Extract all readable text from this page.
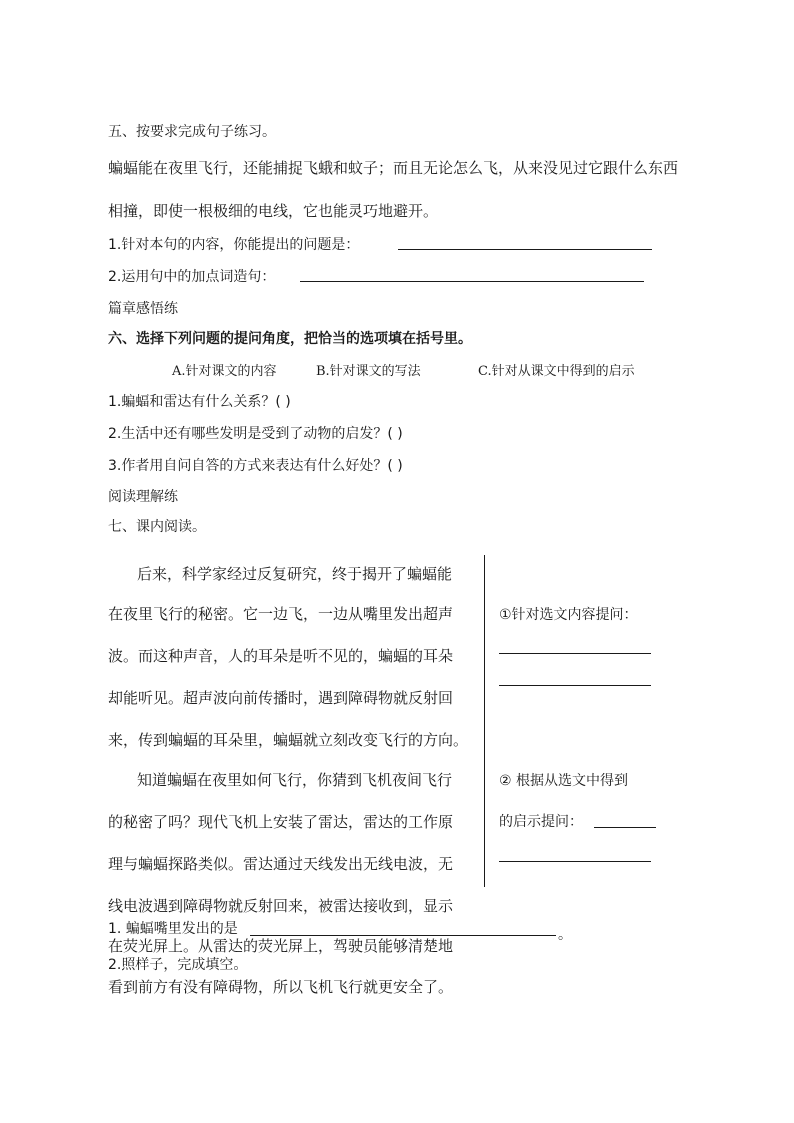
五、按要求完成句子练习。
蝙蝠能在夜里飞行，还能捕捉飞蛾和蚊子；而且无论怎么飞，从来没见过它跟什么东西
相撞，即使一根极细的电线，它也能灵巧地避开。
1.针对本句的内容，你能提出的问题是：
2.运用句中的加点词造句：
篇章感悟练
六、选择下列问题的提问角度，把恰当的选项填在括号里。
A.针对课文的内容	B.针对课文的写法	C.针对从课文中得到的启示
1.蝙蝠和雷达有什么关系？( )
2.生活中还有哪些发明是受到了动物的启发？( )
3.作者用自问自答的方式来表达有什么好处？( )
阅读理解练
七、课内阅读。
后来，科学家经过反复研究，终于揭开了蝙蝠能
在夜里飞行的秘密。它一边飞，一边从嘴里发出超声
波。而这种声音，人的耳朵是听不见的，蝙蝠的耳朵
却能听见。超声波向前传播时，遇到障碍物就反射回
来，传到蝙蝠的耳朵里，蝙蝠就立刻改变飞行的方向。
知道蝙蝠在夜里如何飞行，你猜到飞机夜间飞行
的秘密了吗？现代飞机上安装了雷达，雷达的工作原
理与蝙蝠探路类似。雷达通过天线发出无线电波，无
线电波遇到障碍物就反射回来，被雷达接收到，显示
在荧光屏上。从雷达的荧光屏上，驾驶员能够清楚地
看到前方有没有障碍物，所以飞机飞行就更安全了。
①针对选文内容提问：
② 根据从选文中得到
的启示提问：
1. 蝙蝠嘴里发出的是	。
2.照样子，完成填空。
